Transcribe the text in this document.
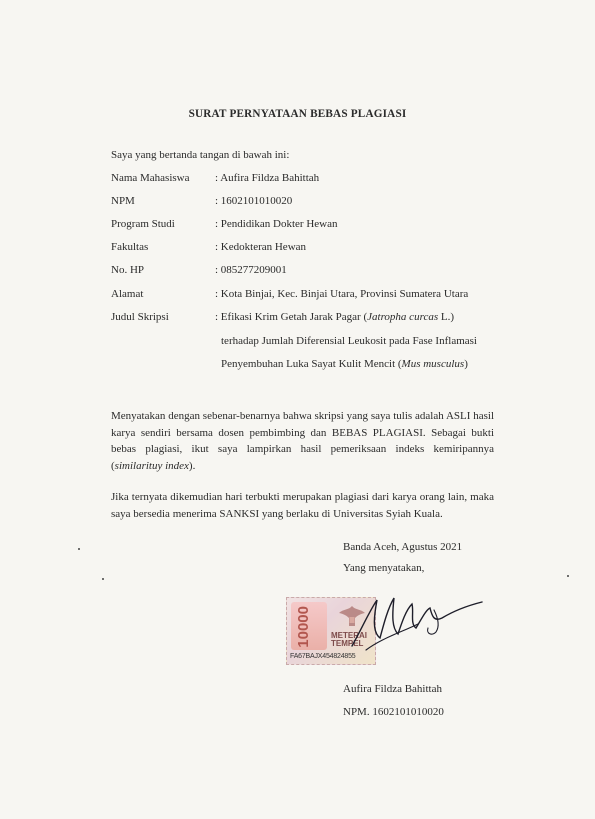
SURAT PERNYATAAN BEBAS PLAGIASI
Saya yang bertanda tangan di bawah ini:
Nama Mahasiswa	: Aufira Fildza Bahittah
NPM	: 1602101010020
Program Studi	: Pendidikan Dokter Hewan
Fakultas	: Kedokteran Hewan
No. HP	: 085277209001
Alamat	: Kota Binjai, Kec. Binjai Utara, Provinsi Sumatera Utara
Judul Skripsi	: Efikasi Krim Getah Jarak Pagar (Jatropha curcas L.)
terhadap Jumlah Diferensial Leukosit pada Fase Inflamasi
Penyembuhan Luka Sayat Kulit Mencit (Mus musculus)
Menyatakan dengan sebenar-benarnya bahwa skripsi yang saya tulis adalah ASLI hasil karya sendiri bersama dosen pembimbing dan BEBAS PLAGIASI. Sebagai bukti bebas plagiasi, ikut saya lampirkan hasil pemeriksaan indeks kemiripannya (similarituy index).
Jika ternyata dikemudian hari terbukti merupakan plagiasi dari karya orang lain, maka saya bersedia menerima SANKSI yang berlaku di Universitas Syiah Kuala.
Banda Aceh, Agustus 2021
Yang menyatakan,
10000 METERAI
TEMPEL
FA67BAJX454824855
Aufira Fildza Bahittah
NPM. 1602101010020
